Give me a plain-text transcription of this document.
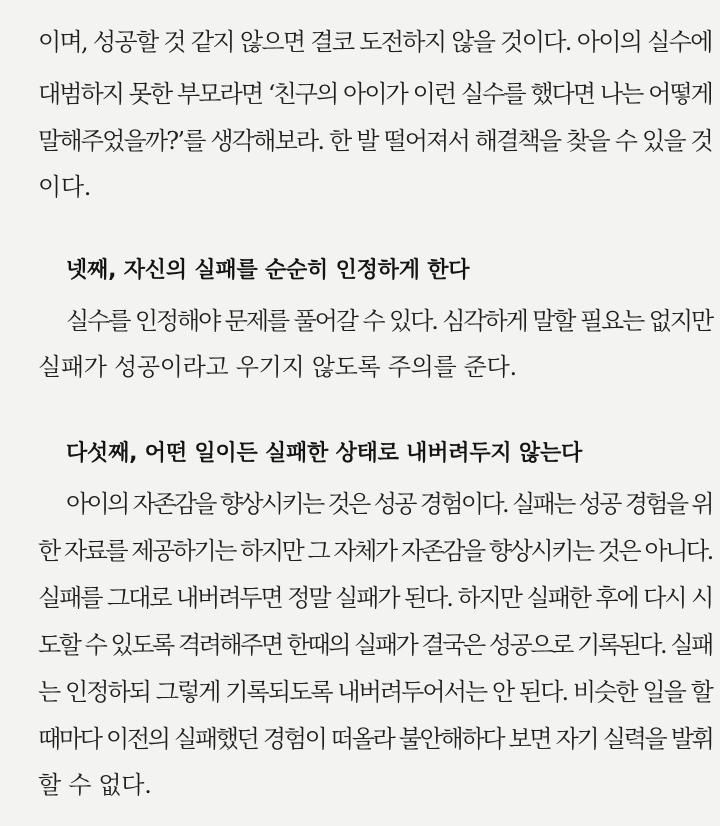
이며, 성공할 것 같지 않으면 결코 도전하지 않을 것이다. 아이의 실수에
대범하지 못한 부모라면 ‘친구의 아이가 이런 실수를 했다면 나는 어떻게
말해주었을까?’를 생각해보라. 한 발 떨어져서 해결책을 찾을 수 있을 것
이다.
넷째, 자신의 실패를 순순히 인정하게 한다
실수를 인정해야 문제를 풀어갈 수 있다. 심각하게 말할 필요는 없지만
실패가 성공이라고 우기지 않도록 주의를 준다.
다섯째, 어떤 일이든 실패한 상태로 내버려두지 않는다
아이의 자존감을 향상시키는 것은 성공 경험이다. 실패는 성공 경험을 위
한 자료를 제공하기는 하지만 그 자체가 자존감을 향상시키는 것은 아니다.
실패를 그대로 내버려두면 정말 실패가 된다. 하지만 실패한 후에 다시 시
도할 수 있도록 격려해주면 한때의 실패가 결국은 성공으로 기록된다. 실패
는 인정하되 그렇게 기록되도록 내버려두어서는 안 된다. 비슷한 일을 할
때마다 이전의 실패했던 경험이 떠올라 불안해하다 보면 자기 실력을 발휘
할 수 없다.
